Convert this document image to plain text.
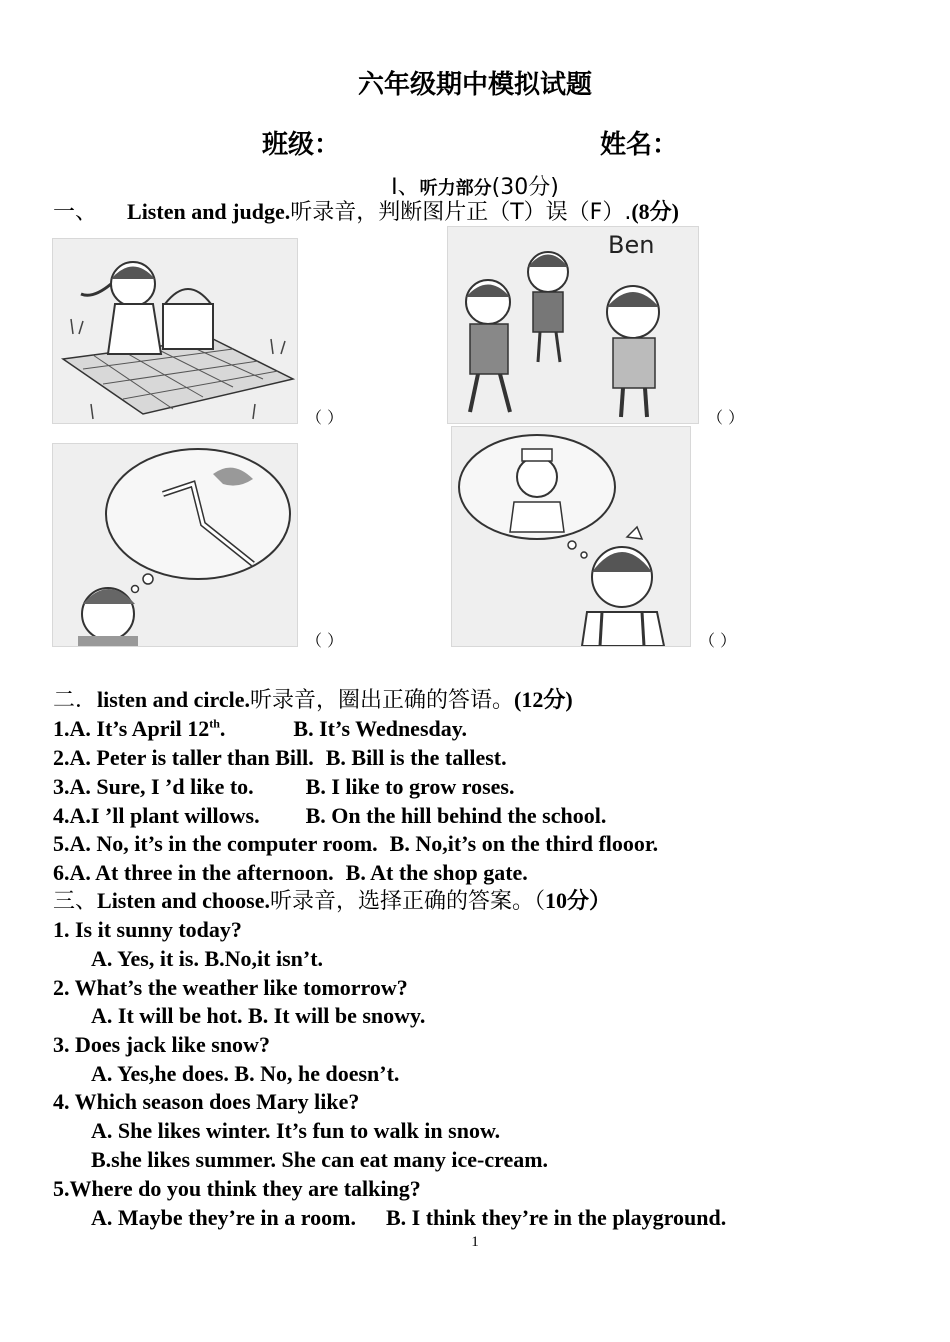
六年级期中模拟试题
班级：	姓名：
Ⅰ、听力部分(30分)
一、 Listen and judge.听录音，判断图片正（T）误（F）.(8分)
（ ）
Ben
（ ）
（ ）	（ ）
二．listen and circle.听录音，圈出正确的答语。(12分)
1.A. It’s April 12th.	B. It’s Wednesday.
2.A. Peter is taller than Bill. B. Bill is the tallest.
3.A. Sure, I ’d like to. B. I like to grow roses.
4.A.I ’ll plant willows. B. On the hill behind the school.
5.A. No, it’s in the computer room. B. No,it’s on the third flooor.
6.A. At three in the afternoon. B. At the shop gate.
三、Listen and choose.听录音，选择正确的答案。（10分）
1. Is it sunny today?
A. Yes, it is. B.No,it isn’t.
2. What’s the weather like tomorrow?
A. It will be hot. B. It will be snowy.
3. Does jack like snow?
A. Yes,he does. B. No, he doesn’t.
4. Which season does Mary like?
A. She likes winter. It’s fun to walk in snow.
B.she likes summer. She can eat many ice-cream.
5.Where do you think they are talking?
A. Maybe they’re in a room. B. I think they’re in the playground.
1
